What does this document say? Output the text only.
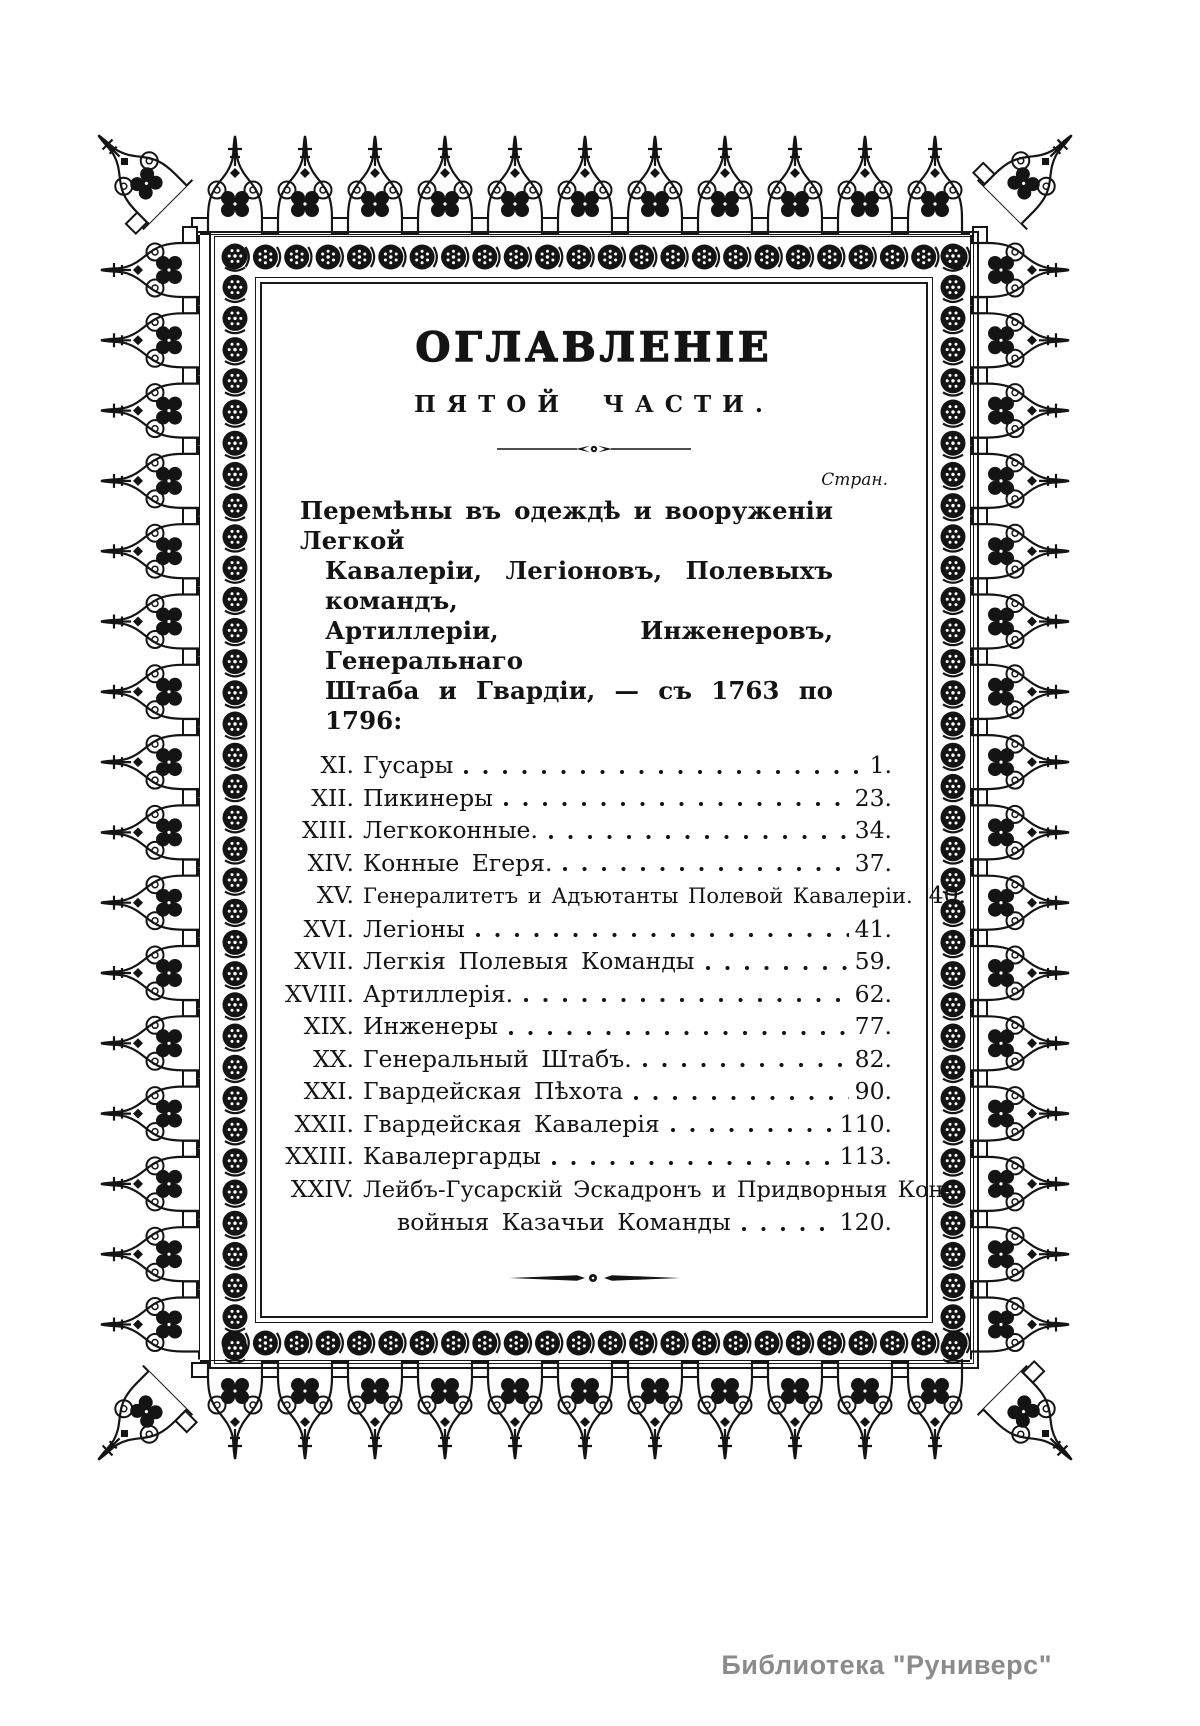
ОГЛАВЛЕНІЕ
ПЯТОЙ ЧАСТИ.
Стран.
Перемѣны въ одеждѣ и вооруженіи Легкой
Кавалеріи, Легіоновъ, Полевыхъ командъ,
Артиллеріи, Инженеровъ, Генеральнаго
Штаба и Гвардіи, — съ 1763 по 1796:
XI. Гусары	1.
XII. Пикинеры	23.
XIII. Легкоконные.	34.
XIV. Конные Егеря.	37.
XV. Генералитетъ и Адъютанты Полевой Кавалеріи. 40.
XVI. Легіоны	41.
XVII. Легкія Полевыя Команды	59.
XVIII. Артиллерія.	62.
XIX. Инженеры	77.
XX. Генеральный Штабъ.	82.
XXI. Гвардейская Пѣхота	90.
XXII. Гвардейская Кавалерія	110.
XXIII. Кавалергарды	113.
XXIV. Лейбъ-Гусарскій Эскадронъ и Придворныя Кон-
войныя Казачьи Команды	120.
Библиотека "Руниверс"
